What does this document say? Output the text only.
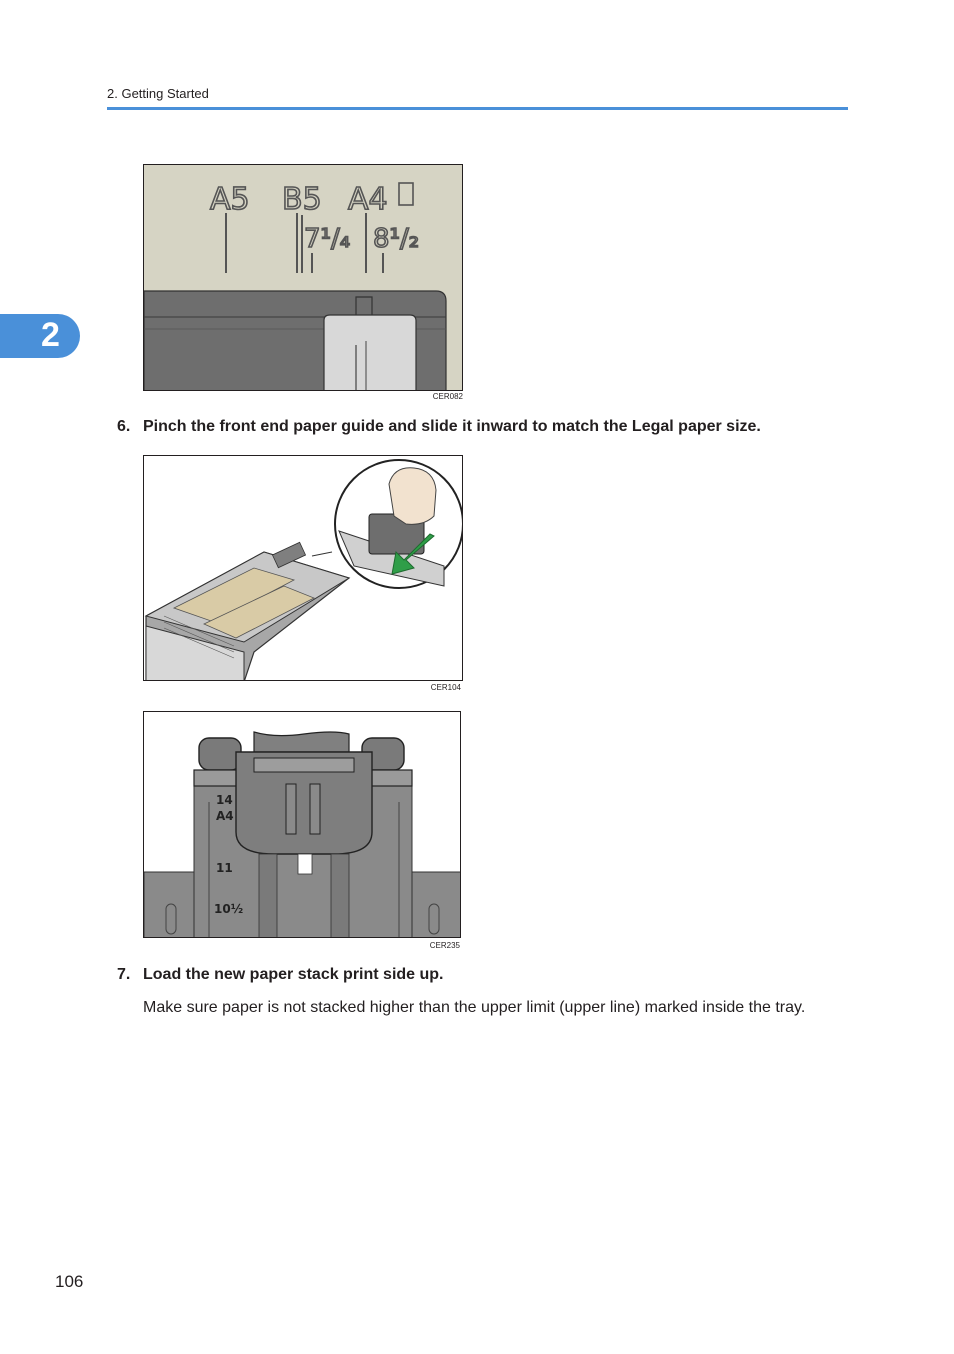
2. Getting Started
2
A5 B5 A4
7¹/₄ 8¹/₂
CER082
6. Pinch the front end paper guide and slide it inward to match the Legal paper size.
CER104
14
A4
11
10½
CER235
7. Load the new paper stack print side up.
Make sure paper is not stacked higher than the upper limit (upper line) marked inside the tray.
106
